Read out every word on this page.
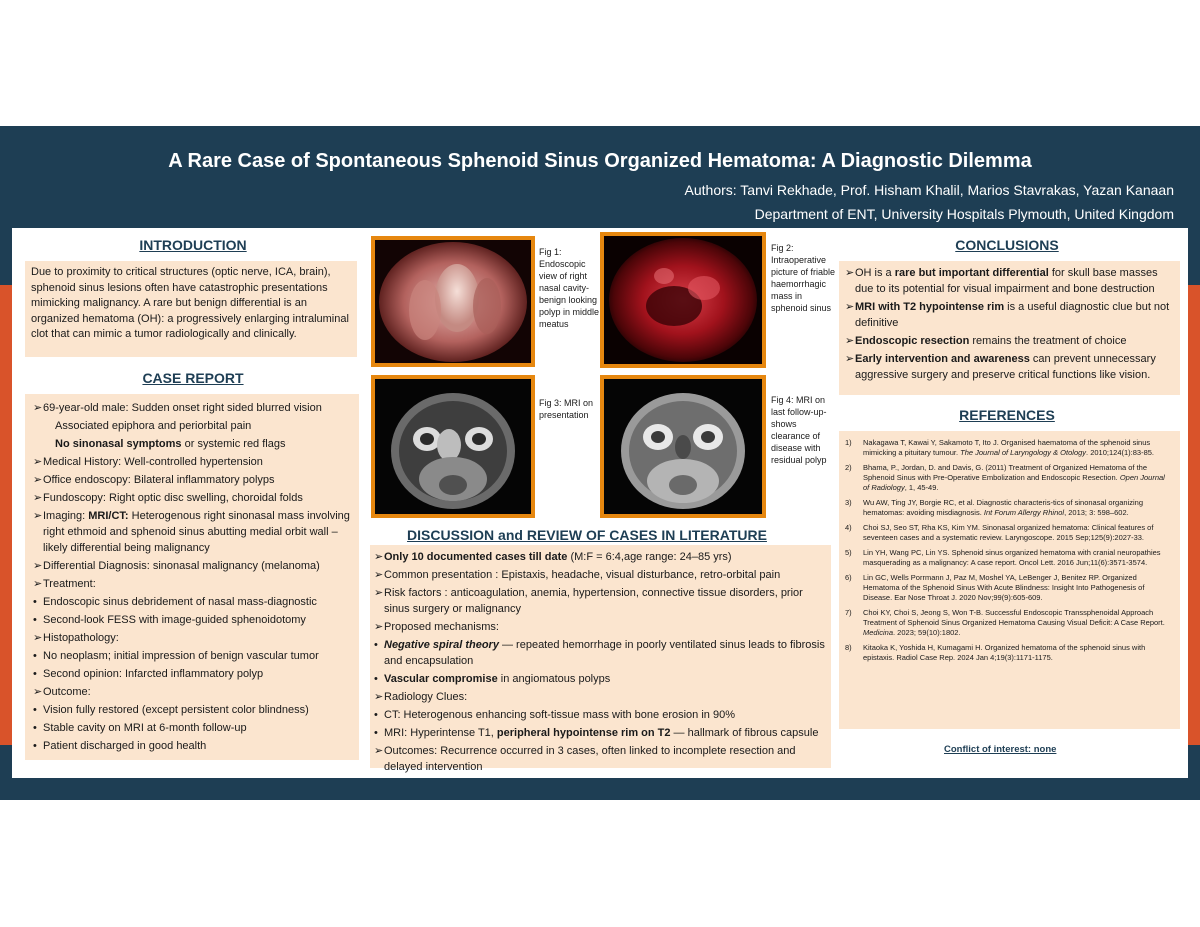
A Rare Case of Spontaneous Sphenoid Sinus Organized Hematoma: A Diagnostic Dilemma
Authors: Tanvi Rekhade, Prof. Hisham Khalil, Marios Stavrakas, Yazan Kanaan
Department of ENT, University Hospitals Plymouth, United Kingdom
INTRODUCTION
Due to proximity to critical structures (optic nerve, ICA, brain), sphenoid sinus lesions often have catastrophic presentations mimicking malignancy. A rare but benign differential is an organized hematoma (OH): a progressively enlarging intraluminal clot that can mimic a tumor radiologically and clinically.
CASE REPORT
➢ 69-year-old male: Sudden onset right sided blurred vision
Associated epiphora and periorbital pain
No sinonasal symptoms or systemic red flags
➢ Medical History: Well-controlled hypertension
➢ Office endoscopy: Bilateral inflammatory polyps
➢ Fundoscopy: Right optic disc swelling, choroidal folds
➢ Imaging: MRI/CT: Heterogenous right sinonasal mass involving right ethmoid and sphenoid sinus abutting medial orbit wall – likely differential being malignancy
➢ Differential Diagnosis: sinonasal malignancy (melanoma)
➢ Treatment:
• Endoscopic sinus debridement of nasal mass-diagnostic
• Second-look FESS with image-guided sphenoidotomy
➢ Histopathology:
• No neoplasm; initial impression of benign vascular tumor
• Second opinion: Infarcted inflammatory polyp
➢ Outcome:
• Vision fully restored (except persistent color blindness)
• Stable cavity on MRI at 6-month follow-up
• Patient discharged in good health
Fig 1: Endoscopic view of right nasal cavity- benign looking polyp in middle meatus
Fig 2: Intraoperative picture of friable haemorrhagic mass in sphenoid sinus
Fig 3: MRI on presentation
Fig 4: MRI on last follow-up- shows clearance of disease with residual polyp
DISCUSSION and REVIEW OF CASES IN LITERATURE
➢ Only 10 documented cases till date (M:F = 6:4,age range: 24–85 yrs)
➢ Common presentation : Epistaxis, headache, visual disturbance, retro-orbital pain
➢ Risk factors : anticoagulation, anemia, hypertension, connective tissue disorders, prior sinus surgery or malignancy
➢ Proposed mechanisms:
• Negative spiral theory — repeated hemorrhage in poorly ventilated sinus leads to fibrosis and encapsulation
• Vascular compromise in angiomatous polyps
➢ Radiology Clues:
• CT: Heterogenous enhancing soft-tissue mass with bone erosion in 90%
• MRI: Hyperintense T1, peripheral hypointense rim on T2 — hallmark of fibrous capsule
➢ Outcomes: Recurrence occurred in 3 cases, often linked to incomplete resection and delayed intervention
CONCLUSIONS
➢ OH is a rare but important differential for skull base masses due to its potential for visual impairment and bone destruction
➢ MRI with T2 hypointense rim is a useful diagnostic clue but not definitive
➢ Endoscopic resection remains the treatment of choice
➢ Early intervention and awareness can prevent unnecessary aggressive surgery and preserve critical functions like vision.
REFERENCES
1) Nakagawa T, Kawai Y, Sakamoto T, Ito J. Organised haematoma of the sphenoid sinus mimicking a pituitary tumour. The Journal of Laryngology & Otology. 2010;124(1):83-85.
2) Bhama, P., Jordan, D. and Davis, G. (2011) Treatment of Organized Hematoma of the Sphenoid Sinus with Pre-Operative Embolization and Endoscopic Resection. Open Journal of Radiology, 1, 45-49.
3) Wu AW, Ting JY, Borgie RC, et al. Diagnostic characteris-tics of sinonasal organizing hematomas: avoiding misdiagnosis. Int Forum Allergy Rhinol, 2013; 3: 598–602.
4) Choi SJ, Seo ST, Rha KS, Kim YM. Sinonasal organized hematoma: Clinical features of seventeen cases and a systematic review. Laryngoscope. 2015 Sep;125(9):2027-33.
5) Lin YH, Wang PC, Lin YS. Sphenoid sinus organized hematoma with cranial neuropathies masquerading as a malignancy: A case report. Oncol Lett. 2016 Jun;11(6):3571-3574.
6) Lin GC, Wells Porrmann J, Paz M, Moshel YA, LeBenger J, Benitez RP. Organized Hematoma of the Sphenoid Sinus With Acute Blindness: Insight Into Pathogenesis of Disease. Ear Nose Throat J. 2020 Nov;99(9):605-609.
7) Choi KY, Choi S, Jeong S, Won T-B. Successful Endoscopic Transsphenoidal Approach Treatment of Sphenoid Sinus Organized Hematoma Causing Visual Deficit: A Case Report. Medicina. 2023; 59(10):1802.
8) Kitaoka K, Yoshida H, Kumagami H. Organized hematoma of the sphenoid sinus with epistaxis. Radiol Case Rep. 2024 Jan 4;19(3):1171-1175.
Conflict of interest: none
